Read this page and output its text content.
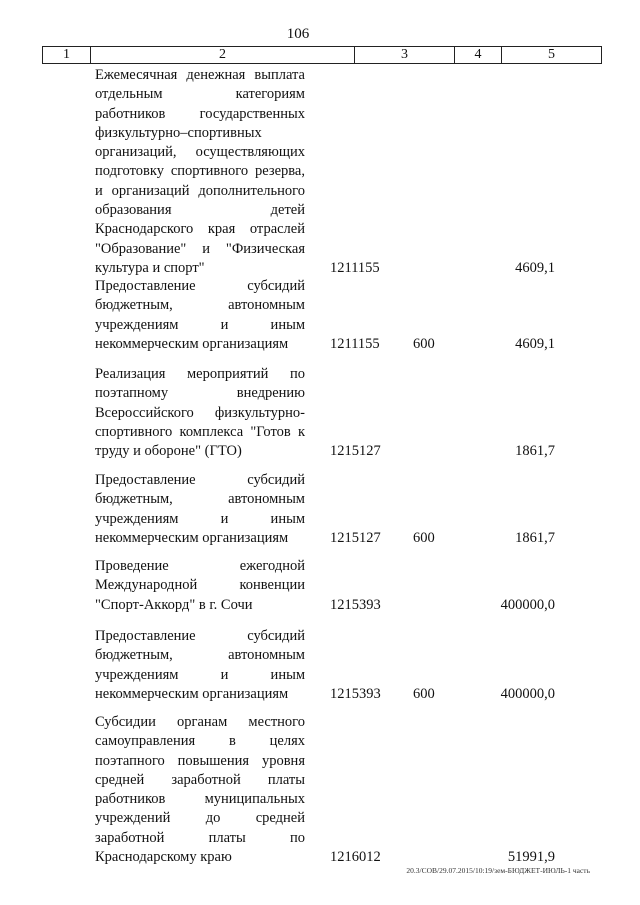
106
1	2	3	4	5
Ежемесячная денежная выплата отдельным категориям работников государственных физкультурно–спортивных организаций, осуществляющих подготовку спортивного резерва, и организаций дополнительного образования детей Краснодарского края отраслей "Образование" и "Физическая культура и спорт"	1211155	4609,1
Предоставление субсидий бюджетным, автономным учреждениям и иным некоммерческим организациям	1211155 600	4609,1
Реализация мероприятий по поэтапному внедрению Всероссийского физкультурно-спортивного комплекса "Готов к труду и обороне" (ГТО)	1215127	1861,7
Предоставление субсидий бюджетным, автономным учреждениям и иным некоммерческим организациям	1215127 600	1861,7
Проведение ежегодной Международной конвенции "Спорт-Аккорд" в г. Сочи	1215393	400000,0
Предоставление субсидий бюджетным, автономным учреждениям и иным некоммерческим организациям	1215393 600	400000,0
Субсидии органам местного самоуправления в целях поэтапного повышения уровня средней заработной платы работников муниципальных учреждений до средней заработной платы по Краснодарскому краю	1216012	51991,9
20.3/СОВ/29.07.2015/10:19/зем-БЮДЖЕТ-ИЮЛЬ-1 часть
